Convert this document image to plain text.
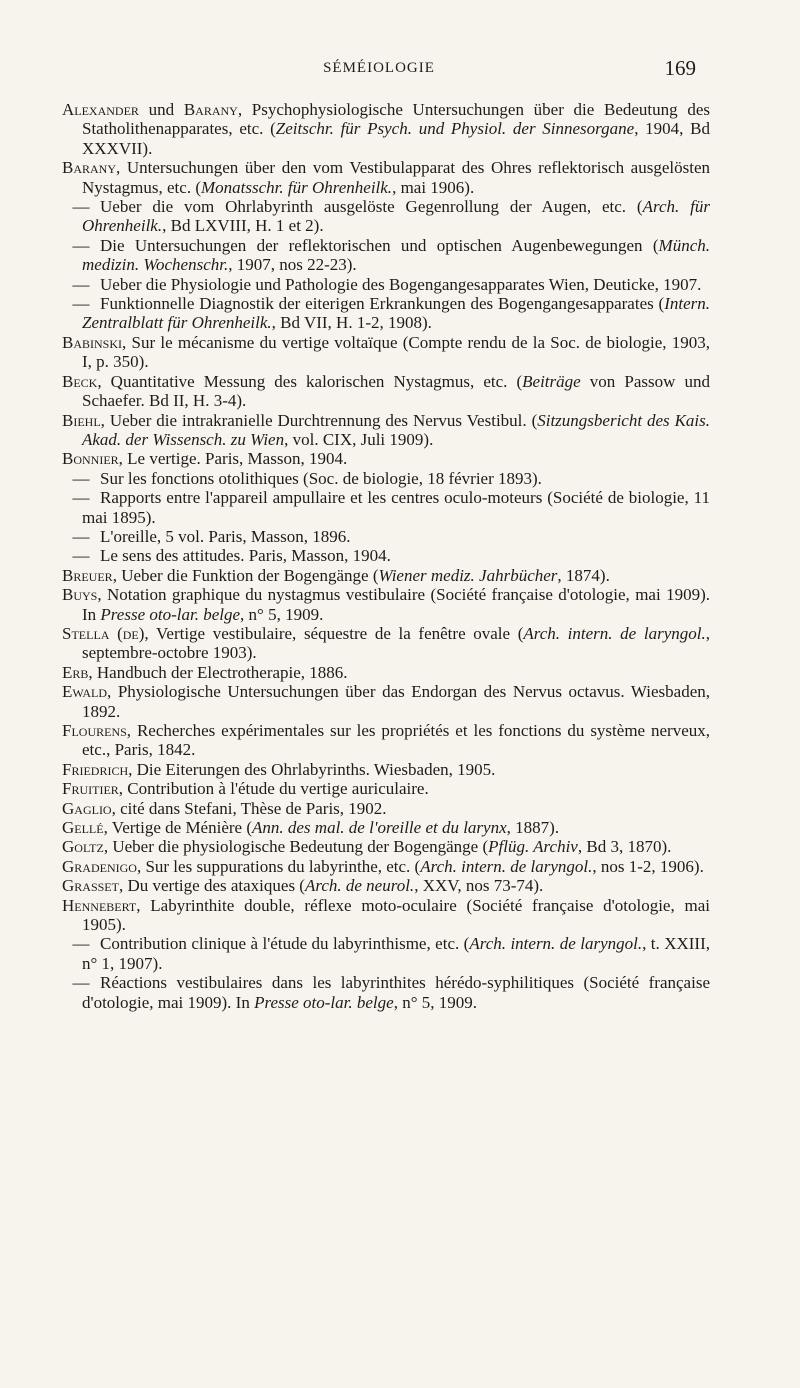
SÉMÉIOLOGIE	169

Alexander und Barany, Psychophysiologische Untersuchungen über die Bedeutung des Statholithenapparates, etc. (Zeitschr. für Psych. und Physiol. der Sinnesorgane, 1904, Bd XXXVII).

Barany, Untersuchungen über den vom Vestibulapparat des Ohres reflektorisch ausgelösten Nystagmus, etc. (Monatsschr. für Ohrenheilk., mai 1906).

— Ueber die vom Ohrlabyrinth ausgelöste Gegenrollung der Augen, etc. (Arch. für Ohrenheilk., Bd LXVIII, H. 1 et 2).

— Die Untersuchungen der reflektorischen und optischen Augenbewegungen (Münch. medizin. Wochenschr., 1907, nos 22-23).

— Ueber die Physiologie und Pathologie des Bogengangesapparates Wien, Deuticke, 1907.

— Funktionnelle Diagnostik der eiterigen Erkrankungen des Bogengangesapparates (Intern. Zentralblatt für Ohrenheilk., Bd VII, H. 1-2, 1908).

Babinski, Sur le mécanisme du vertige voltaïque (Compte rendu de la Soc. de biologie, 1903, I, p. 350).

Beck, Quantitative Messung des kalorischen Nystagmus, etc. (Beiträge von Passow und Schaefer. Bd II, H. 3-4).

Biehl, Ueber die intrakranielle Durchtrennung des Nervus Vestibul. (Sitzungsbericht des Kais. Akad. der Wissensch. zu Wien, vol. CIX, Juli 1909).

Bonnier, Le vertige. Paris, Masson, 1904.

— Sur les fonctions otolithiques (Soc. de biologie, 18 février 1893).

— Rapports entre l'appareil ampullaire et les centres oculo-moteurs (Société de biologie, 11 mai 1895).

— L'oreille, 5 vol. Paris, Masson, 1896.

— Le sens des attitudes. Paris, Masson, 1904.

Breuer, Ueber die Funktion der Bogengänge (Wiener mediz. Jahrbücher, 1874).

Buys, Notation graphique du nystagmus vestibulaire (Société française d'otologie, mai 1909). In Presse oto-lar. belge, n° 5, 1909.

Stella (de), Vertige vestibulaire, séquestre de la fenêtre ovale (Arch. intern. de laryngol., septembre-octobre 1903).

Erb, Handbuch der Electrotherapie, 1886.

Ewald, Physiologische Untersuchungen über das Endorgan des Nervus octavus. Wiesbaden, 1892.

Flourens, Recherches expérimentales sur les propriétés et les fonctions du système nerveux, etc., Paris, 1842.

Friedrich, Die Eiterungen des Ohrlabyrinths. Wiesbaden, 1905.

Fruitier, Contribution à l'étude du vertige auriculaire.

Gaglio, cité dans Stefani, Thèse de Paris, 1902.

Gellé, Vertige de Ménière (Ann. des mal. de l'oreille et du larynx, 1887).

Goltz, Ueber die physiologische Bedeutung der Bogengänge (Pflüg. Archiv, Bd 3, 1870).

Gradenigo, Sur les suppurations du labyrinthe, etc. (Arch. intern. de laryngol., nos 1-2, 1906).

Grasset, Du vertige des ataxiques (Arch. de neurol., XXV, nos 73-74).

Hennebert, Labyrinthite double, réflexe moto-oculaire (Société française d'otologie, mai 1905).

— Contribution clinique à l'étude du labyrinthisme, etc. (Arch. intern. de laryngol., t. XXIII, n° 1, 1907).

— Réactions vestibulaires dans les labyrinthites hérédo-syphilitiques (Société française d'otologie, mai 1909). In Presse oto-lar. belge, n° 5, 1909.
